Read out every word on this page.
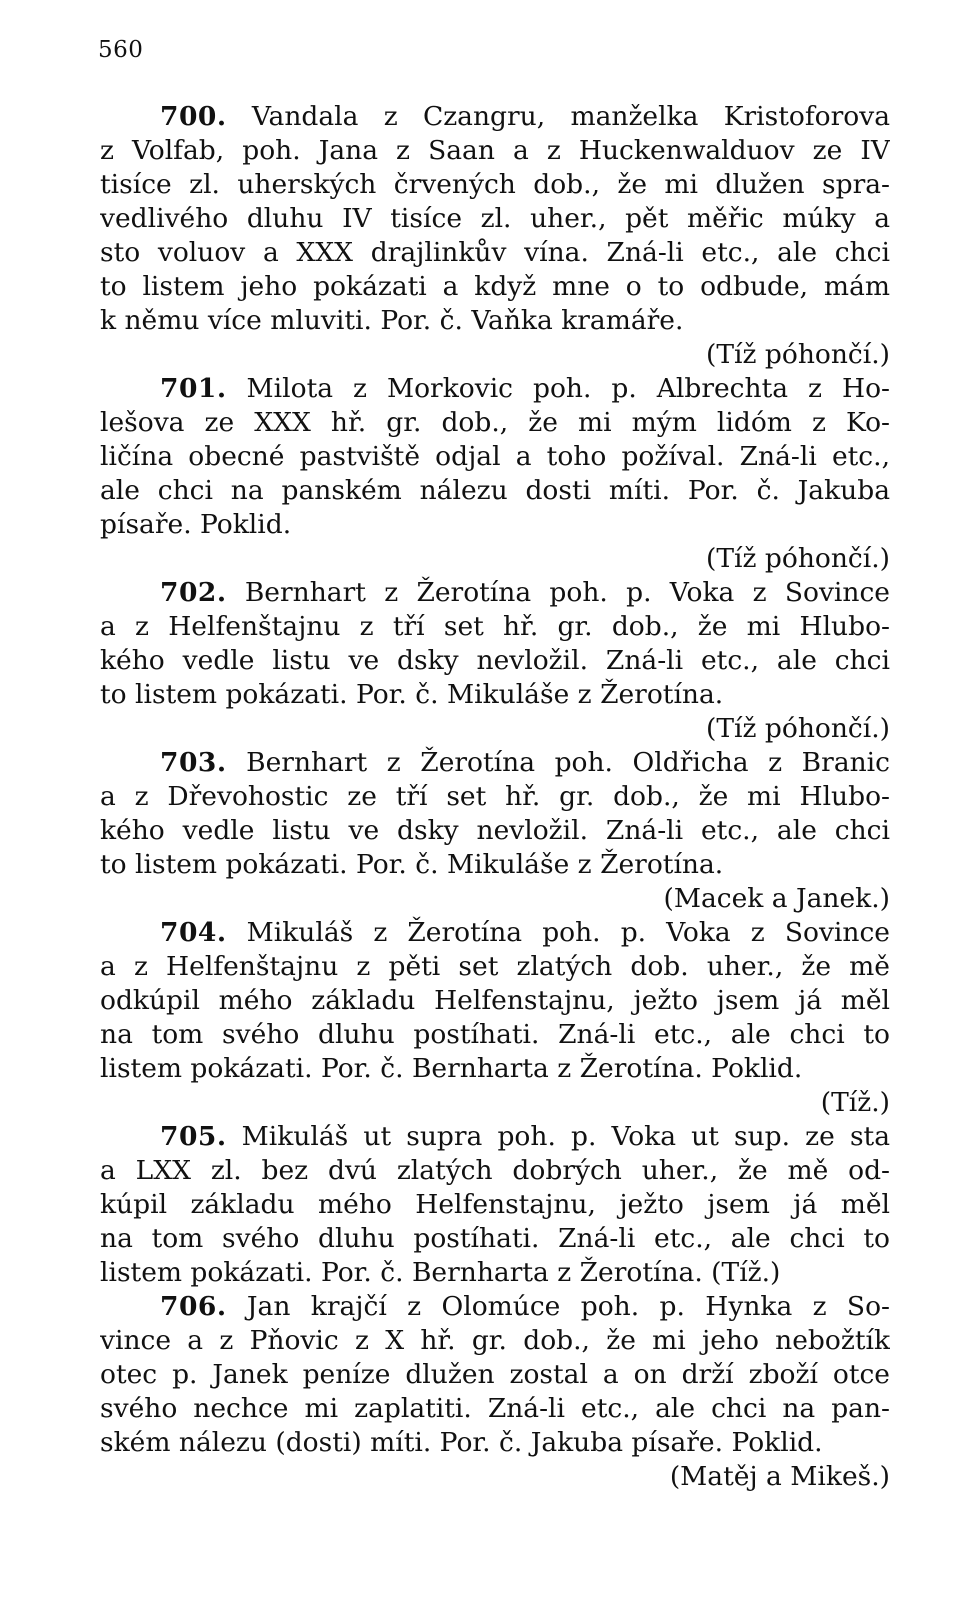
560
700. Vandala z Czangru, manželka Kristoforova
z Volfab, poh. Jana z Saan a z Huckenwalduov ze IV
tisíce zl. uherských črvených dob., že mi dlužen spra-
vedlivého dluhu IV tisíce zl. uher., pět měřic múky a
sto voluov a XXX drajlinkův vína. Zná-li etc., ale chci
to listem jeho pokázati a když mne o to odbude, mám
k němu více mluviti. Por. č. Vaňka kramáře.
(Tíž póhončí.)
701. Milota z Morkovic poh. p. Albrechta z Ho-
lešova ze XXX hř. gr. dob., že mi mým lidóm z Ko-
ličína obecné pastviště odjal a toho požíval. Zná-li etc.,
ale chci na panském nálezu dosti míti. Por. č. Jakuba
písaře. Poklid.
(Tíž póhončí.)
702. Bernhart z Žerotína poh. p. Voka z Sovince
a z Helfenštajnu z tří set hř. gr. dob., že mi Hlubo-
kého vedle listu ve dsky nevložil. Zná-li etc., ale chci
to listem pokázati. Por. č. Mikuláše z Žerotína.
(Tíž póhončí.)
703. Bernhart z Žerotína poh. Oldřicha z Branic
a z Dřevohostic ze tří set hř. gr. dob., že mi Hlubo-
kého vedle listu ve dsky nevložil. Zná-li etc., ale chci
to listem pokázati. Por. č. Mikuláše z Žerotína.
(Macek a Janek.)
704. Mikuláš z Žerotína poh. p. Voka z Sovince
a z Helfenštajnu z pěti set zlatých dob. uher., že mě
odkúpil mého základu Helfenstajnu, ježto jsem já měl
na tom svého dluhu postíhati. Zná-li etc., ale chci to
listem pokázati. Por. č. Bernharta z Žerotína. Poklid.
(Tíž.)
705. Mikuláš ut supra poh. p. Voka ut sup. ze sta
a LXX zl. bez dvú zlatých dobrých uher., že mě od-
kúpil základu mého Helfenstajnu, ježto jsem já měl
na tom svého dluhu postíhati. Zná-li etc., ale chci to
listem pokázati. Por. č. Bernharta z Žerotína. (Tíž.)
706. Jan krajčí z Olomúce poh. p. Hynka z So-
vince a z Pňovic z X hř. gr. dob., že mi jeho nebožtík
otec p. Janek peníze dlužen zostal a on drží zboží otce
svého nechce mi zaplatiti. Zná-li etc., ale chci na pan-
ském nálezu (dosti) míti. Por. č. Jakuba písaře. Poklid.
(Matěj a Mikeš.)
